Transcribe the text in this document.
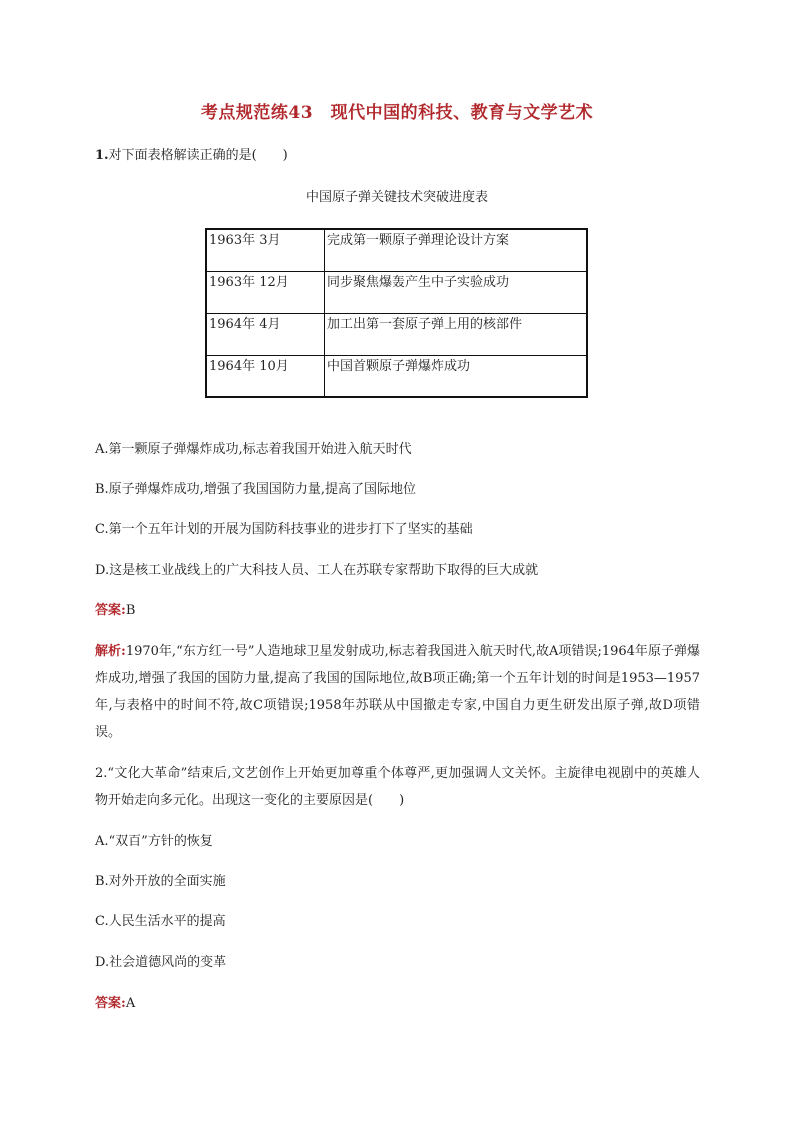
考点规范练43　现代中国的科技、教育与文学艺术
1.对下面表格解读正确的是(　　)
中国原子弹关键技术突破进度表
1963年 3月	完成第一颗原子弹理论设计方案
1963年 12月	同步聚焦爆轰产生中子实验成功
1964年 4月	加工出第一套原子弹上用的核部件
1964年 10月	中国首颗原子弹爆炸成功
A.第一颗原子弹爆炸成功,标志着我国开始进入航天时代
B.原子弹爆炸成功,增强了我国国防力量,提高了国际地位
C.第一个五年计划的开展为国防科技事业的进步打下了坚实的基础
D.这是核工业战线上的广大科技人员、工人在苏联专家帮助下取得的巨大成就
答案:B
解析:1970年,“东方红一号”人造地球卫星发射成功,标志着我国进入航天时代,故A项错误;1964年原子弹爆炸成功,增强了我国的国防力量,提高了我国的国际地位,故B项正确;第一个五年计划的时间是1953—1957年,与表格中的时间不符,故C项错误;1958年苏联从中国撤走专家,中国自力更生研发出原子弹,故D项错误。
2.“文化大革命”结束后,文艺创作上开始更加尊重个体尊严,更加强调人文关怀。主旋律电视剧中的英雄人物开始走向多元化。出现这一变化的主要原因是(　　)
A.“双百”方针的恢复
B.对外开放的全面实施
C.人民生活水平的提高
D.社会道德风尚的变革
答案:A
